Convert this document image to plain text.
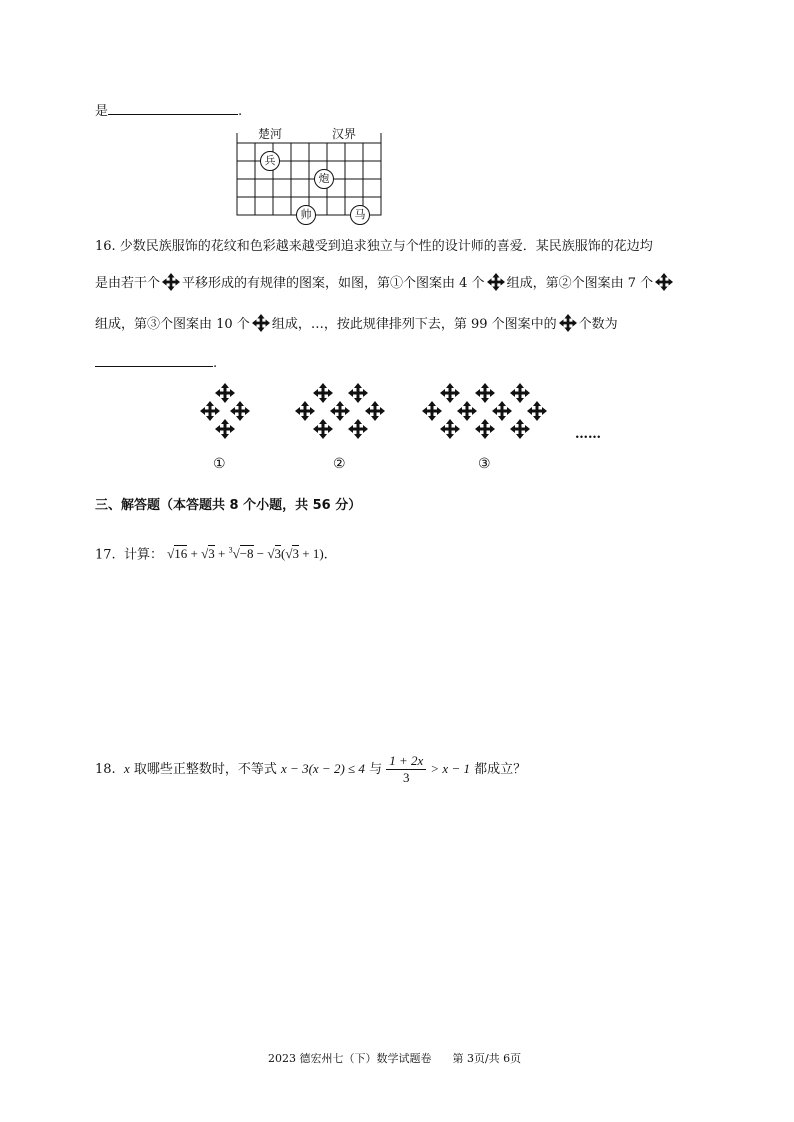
是	.
楚河	汉界
兵
炮
帅	马
16. 少数民族服饰的花纹和色彩越来越受到追求独立与个性的设计师的喜爱．某民族服饰的花边均
是由若干个 平移形成的有规律的图案，如图，第①个图案由 4 个 组成，第②个图案由 7 个
组成，第③个图案由 10 个 组成，…，按此规律排列下去，第 99 个图案中的 个数为
.
……
①	②	③
三、解答题（本答题共 8 个小题，共 56 分）
17. 计算： √16 + √3 + $^3$√−8 − √3(√3 + 1).
18. x 取哪些正整数时，不等式 x − 3(x − 2) ≤ 4 与 $\frac{1 + 2x}{3} > x - 1$ 都成立？
2023 德宏州七（下）数学试题卷 第 3页/共 6页
